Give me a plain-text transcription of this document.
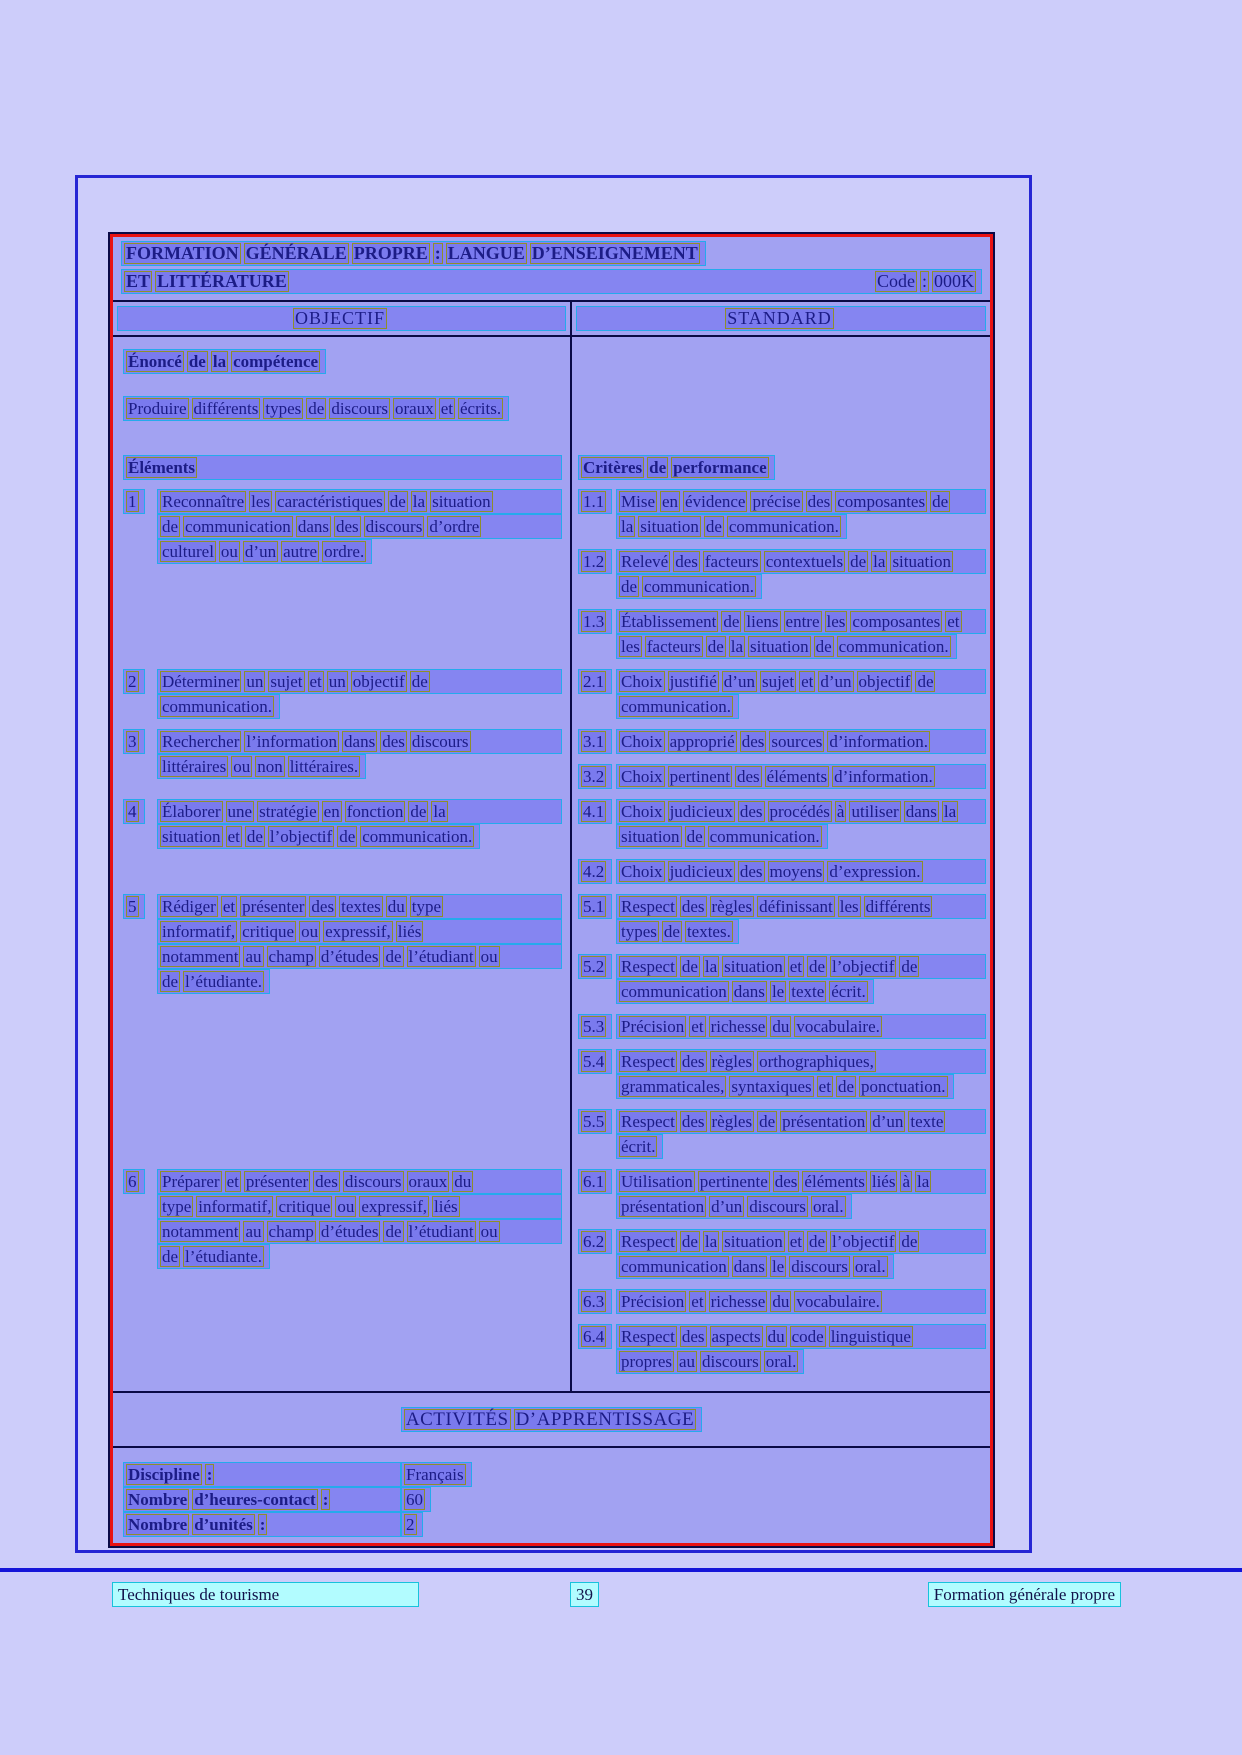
FORMATION GÉNÉRALE PROPRE : LANGUE D’ENSEIGNEMENT
ET LITTÉRATURE	Code : 000K
OBJECTIF	STANDARD
Énoncé de la compétence
Produire différents types de discours oraux et écrits.
Éléments	Critères de performance
1	Reconnaître les caractéristiques de la situation
de communication dans des discours d’ordre
culturel ou d’un autre ordre.
1.1 Mise en évidence précise des composantes de
la situation de communication.
1.2 Relevé des facteurs contextuels de la situation
de communication.
1.3 Établissement de liens entre les composantes et
les facteurs de la situation de communication.
2	Déterminer un sujet et un objectif de
communication.
2.1 Choix justifié d’un sujet et d’un objectif de
communication.
3	Rechercher l’information dans des discours
littéraires ou non littéraires.
3.1 Choix approprié des sources d’information.
3.2 Choix pertinent des éléments d’information.
4	Élaborer une stratégie en fonction de la
situation et de l’objectif de communication.
4.1 Choix judicieux des procédés à utiliser dans la
situation de communication.
4.2 Choix judicieux des moyens d’expression.
5	Rédiger et présenter des textes du type
informatif, critique ou expressif, liés
notamment au champ d’études de l’étudiant ou
de l’étudiante.
5.1 Respect des règles définissant les différents
types de textes.
5.2 Respect de la situation et de l’objectif de
communication dans le texte écrit.
5.3 Précision et richesse du vocabulaire.
5.4 Respect des règles orthographiques,
grammaticales, syntaxiques et de ponctuation.
5.5 Respect des règles de présentation d’un texte
écrit.
6	Préparer et présenter des discours oraux du
type informatif, critique ou expressif, liés
notamment au champ d’études de l’étudiant ou
de l’étudiante.
6.1 Utilisation pertinente des éléments liés à la
présentation d’un discours oral.
6.2 Respect de la situation et de l’objectif de
communication dans le discours oral.
6.3 Précision et richesse du vocabulaire.
6.4 Respect des aspects du code linguistique
propres au discours oral.
ACTIVITÉS D’APPRENTISSAGE
Discipline :	Français
Nombre d’heures-contact :	60
Nombre d’unités :	2
Techniques de tourisme	39	Formation générale propre
